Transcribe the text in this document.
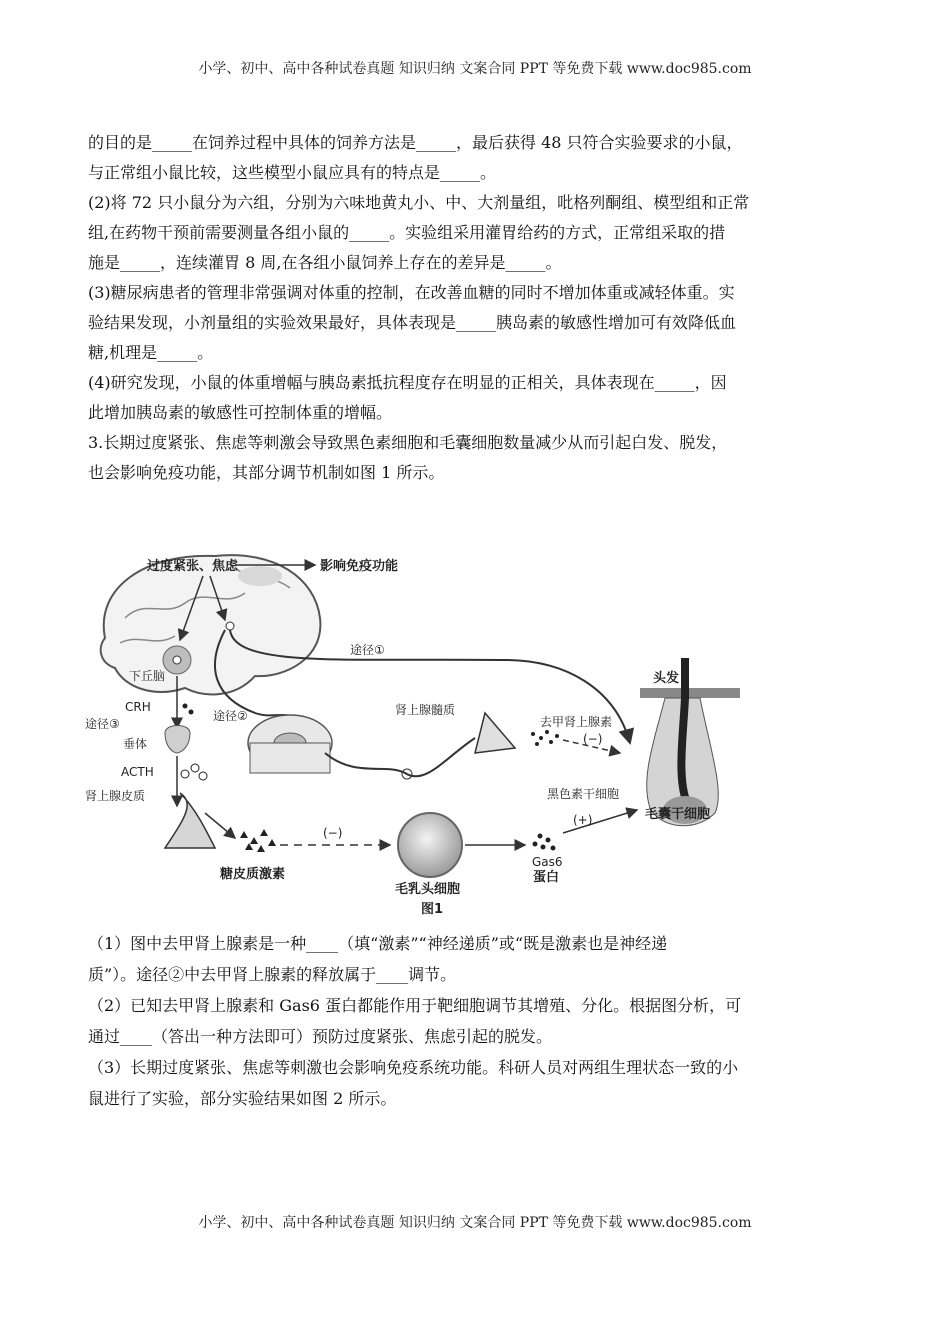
小学、初中、高中各种试卷真题 知识归纳 文案合同 PPT 等免费下载 www.doc985.com

的目的是_____在饲养过程中具体的饲养方法是_____，最后获得 48 只符合实验要求的小鼠，

与正常组小鼠比较，这些模型小鼠应具有的特点是_____。

(2)将 72 只小鼠分为六组，分别为六味地黄丸小、中、大剂量组，吡格列酮组、模型组和正常

组,在药物干预前需要测量各组小鼠的_____。实验组采用灌胃给药的方式，正常组采取的措

施是_____，连续灌胃 8 周,在各组小鼠饲养上存在的差异是_____。

(3)糖尿病患者的管理非常强调对体重的控制，在改善血糖的同时不增加体重或减轻体重。实

验结果发现，小剂量组的实验效果最好，具体表现是_____胰岛素的敏感性增加可有效降低血

糖,机理是_____。

(4)研究发现，小鼠的体重增幅与胰岛素抵抗程度存在明显的正相关，具体表现在_____，因

此增加胰岛素的敏感性可控制体重的增幅。

3.长期过度紧张、焦虑等刺激会导致黑色素细胞和毛囊细胞数量减少从而引起白发、脱发，

也会影响免疫功能，其部分调节机制如图 1 所示。

过度紧张、焦虑	影响免疫功能
下丘脑
途径①
途径②	肾上腺髓质
去甲肾上腺素
(−)
头发
黑色素干细胞
毛囊干细胞
途径③
CRH
垂体
ACTH
肾上腺皮质
糖皮质激素
(−)
毛乳头细胞
Gas6
蛋白
(+)
图1

（1）图中去甲肾上腺素是一种____（填“激素”“神经递质”或“既是激素也是神经递

质”）。途径②中去甲肾上腺素的释放属于____调节。

（2）已知去甲肾上腺素和 Gas6 蛋白都能作用于靶细胞调节其增殖、分化。根据图分析，可

通过____（答出一种方法即可）预防过度紧张、焦虑引起的脱发。

（3）长期过度紧张、焦虑等刺激也会影响免疫系统功能。科研人员对两组生理状态一致的小

鼠进行了实验，部分实验结果如图 2 所示。

小学、初中、高中各种试卷真题 知识归纳 文案合同 PPT 等免费下载 www.doc985.com
